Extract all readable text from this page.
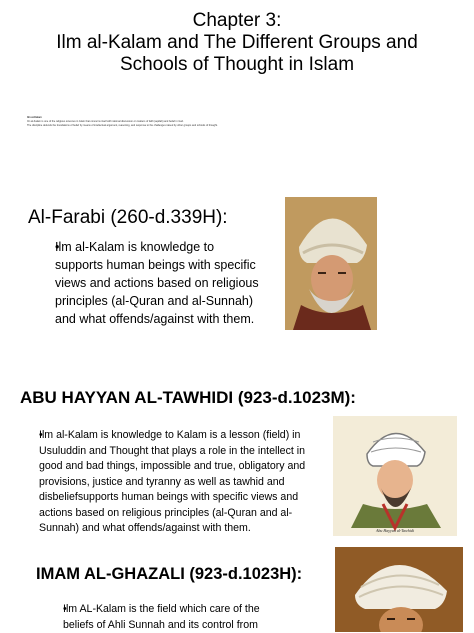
Chapter 3:
Ilm al-Kalam and The Different Groups and
Schools of Thought in Islam
Ilm al-Kalam
Ilm al-Kalam is one of the religious sciences in Islam that concerns itself with rational discussion on matters of faith (aqidah) and belief in God.
The discipline defends the foundations of belief by means of intellectual argument, reasoning, and response to the challenges raised by other groups and schools of thought.
Al-Farabi (260-d.339H):
• Ilm al-Kalam is knowledge to supports human beings with specific views and actions based on religious principles (al-Quran and al-Sunnah) and what offends/against with them.
ABU HAYYAN AL-TAWHIDI (923-d.1023M):
• Ilm al-Kalam is knowledge to Kalam is a lesson (field) in Usuluddin and Thought that plays a role in the intellect in good and bad things, impossible and true, obligatory and provisions, justice and tyranny as well as tawhid and disbeliefsupports human beings with specific views and actions based on religious principles (al-Quran and al-Sunnah) and what offends/against with them.	Abu Hayyan al-Tawhidi
IMAM AL-GHAZALI (923-d.1023H):
• Ilm AL-Kalam is the field which care of the beliefs of Ahli Sunnah and its control from
